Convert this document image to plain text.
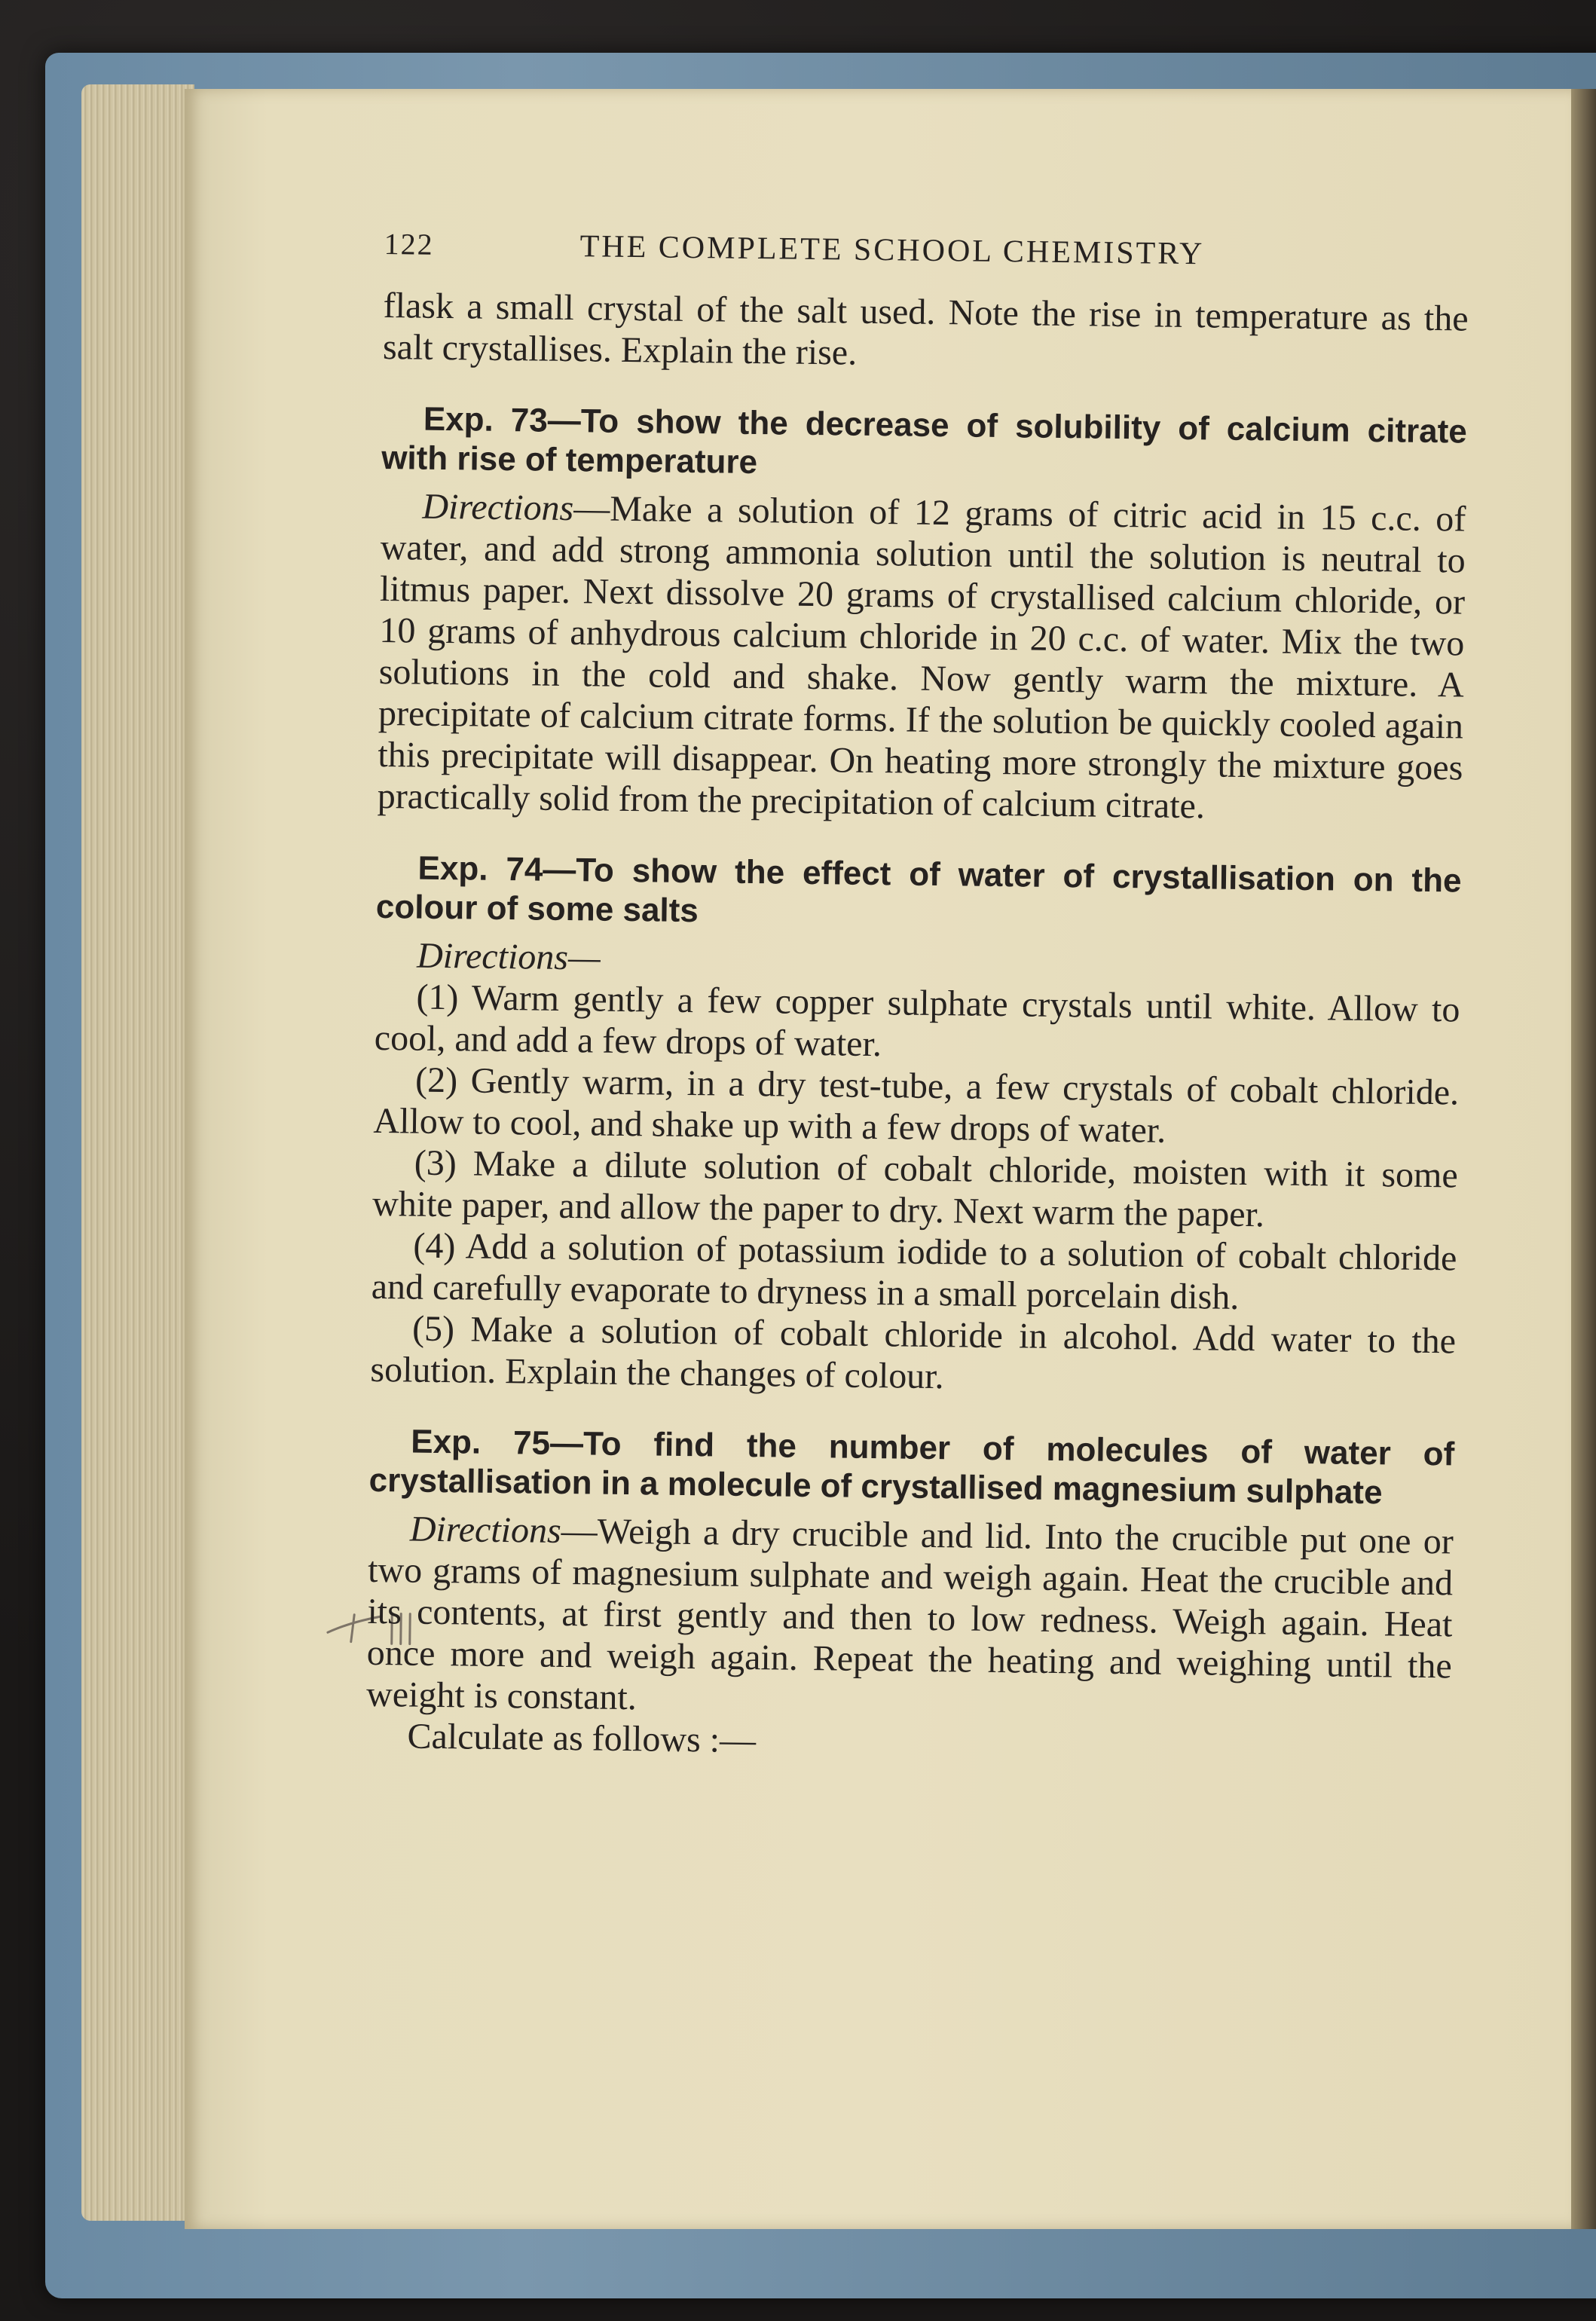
122	THE COMPLETE SCHOOL CHEMISTRY

flask a small crystal of the salt used. Note the rise in temperature as the salt crystallises. Explain the rise.

Exp. 73—To show the decrease of solubility of calcium citrate with rise of temperature

Directions—Make a solution of 12 grams of citric acid in 15 c.c. of water, and add strong ammonia solution until the solution is neutral to litmus paper. Next dissolve 20 grams of crystallised calcium chloride, or 10 grams of anhydrous calcium chloride in 20 c.c. of water. Mix the two solutions in the cold and shake. Now gently warm the mixture. A precipitate of calcium citrate forms. If the solution be quickly cooled again this precipitate will disappear. On heating more strongly the mixture goes practically solid from the precipitation of calcium citrate.

Exp. 74—To show the effect of water of crystallisation on the colour of some salts

Directions—

(1) Warm gently a few copper sulphate crystals until white. Allow to cool, and add a few drops of water.

(2) Gently warm, in a dry test-tube, a few crystals of cobalt chloride. Allow to cool, and shake up with a few drops of water.

(3) Make a dilute solution of cobalt chloride, moisten with it some white paper, and allow the paper to dry. Next warm the paper.

(4) Add a solution of potassium iodide to a solution of cobalt chloride and carefully evaporate to dryness in a small porcelain dish.

(5) Make a solution of cobalt chloride in alcohol. Add water to the solution. Explain the changes of colour.

Exp. 75—To find the number of molecules of water of crystallisation in a molecule of crystallised magnesium sulphate

Directions—Weigh a dry crucible and lid. Into the crucible put one or two grams of magnesium sulphate and weigh again. Heat the crucible and its contents, at first gently and then to low redness. Weigh again. Heat once more and weigh again. Repeat the heating and weighing until the weight is constant.

Calculate as follows :—
